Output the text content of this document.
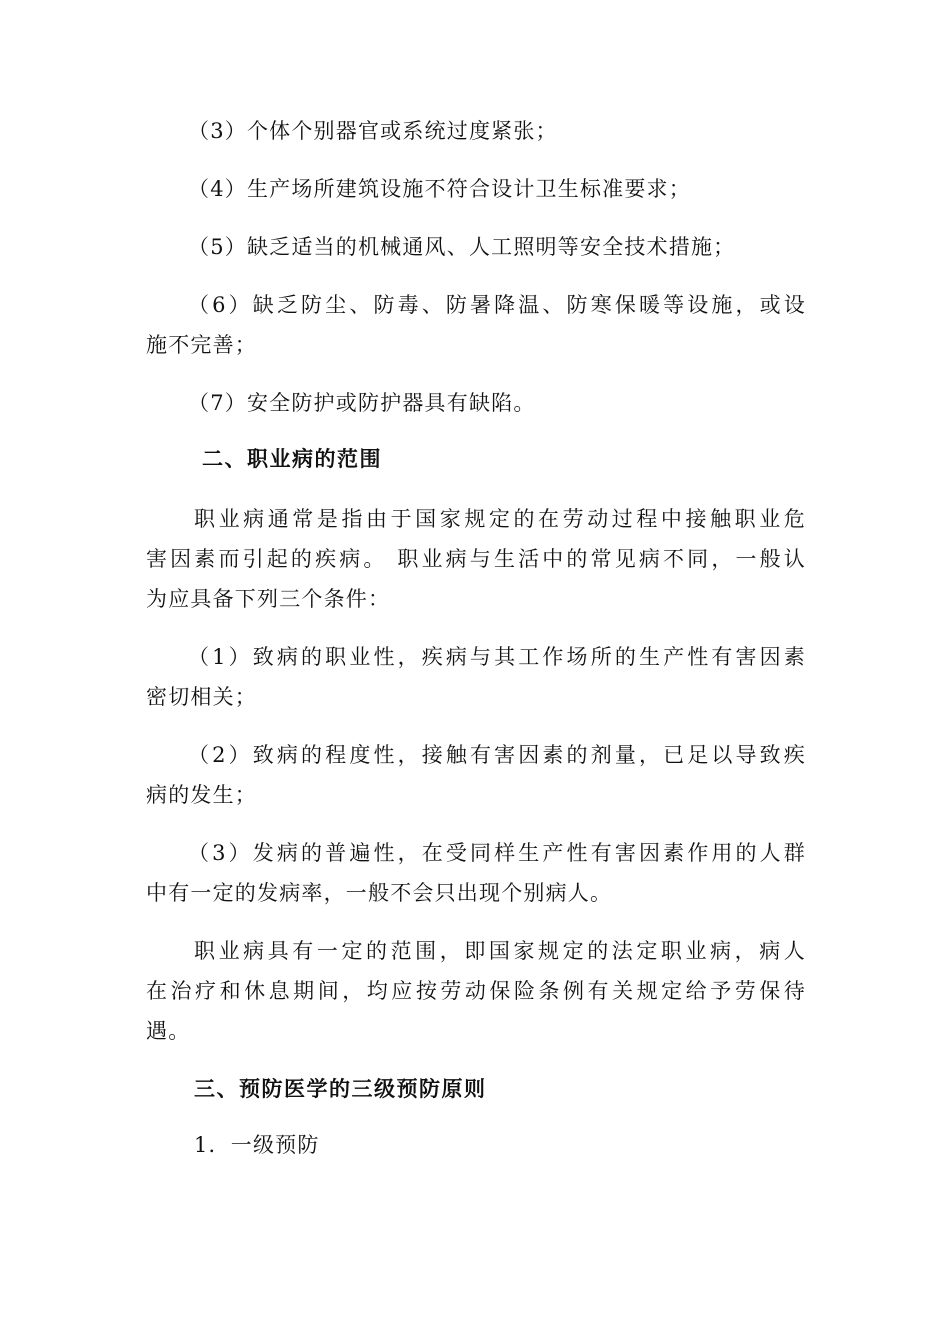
（3）个体个别器官或系统过度紧张；
（4）生产场所建筑设施不符合设计卫生标准要求；
（5）缺乏适当的机械通风、人工照明等安全技术措施；
（6）缺乏防尘、防毒、防暑降温、防寒保暖等设施，或设
施不完善；
（7）安全防护或防护器具有缺陷。
二、职业病的范围
职业病通常是指由于国家规定的在劳动过程中接触职业危
害因素而引起的疾病。 职业病与生活中的常见病不同，一般认
为应具备下列三个条件：
（1）致病的职业性，疾病与其工作场所的生产性有害因素
密切相关；
（2）致病的程度性，接触有害因素的剂量，已足以导致疾
病的发生；
（3）发病的普遍性，在受同样生产性有害因素作用的人群
中有一定的发病率，一般不会只出现个别病人。
职业病具有一定的范围，即国家规定的法定职业病，病人
在治疗和休息期间，均应按劳动保险条例有关规定给予劳保待
遇。
三、预防医学的三级预防原则
1．一级预防
